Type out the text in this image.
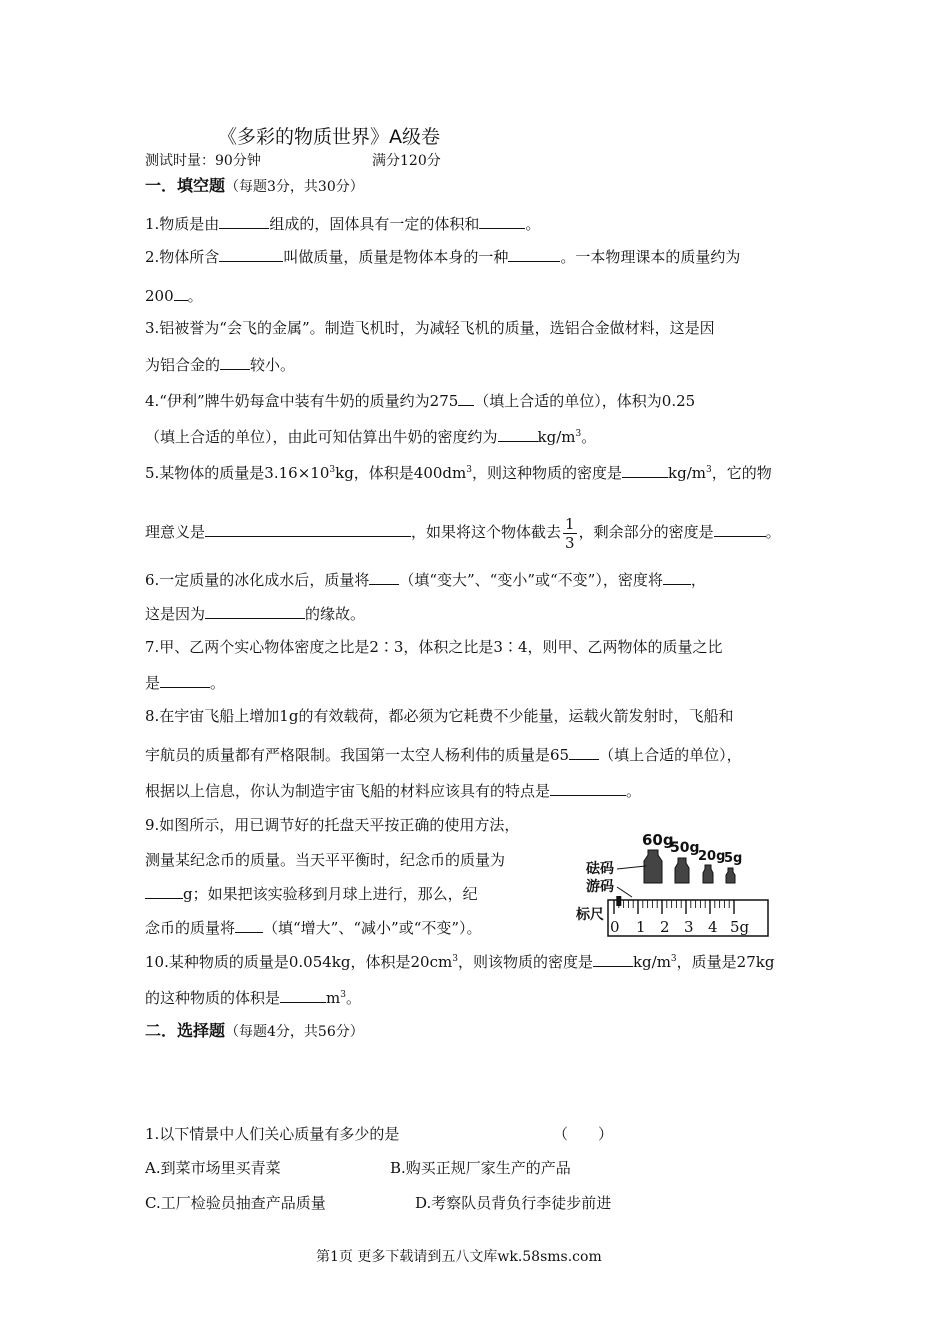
《多彩的物质世界》A级卷
测试时量：90分钟	满分120分
一．填空题（每题3分，共30分）
1.物质是由	组成的，固体具有一定的体积和	。
2.物体所含	叫做质量，质量是物体本身的一种	。一本物理课本的质量约为
200 。
3.铝被誉为“会飞的金属”。制造飞机时，为减轻飞机的质量，选铝合金做材料，这是因
为铝合金的 较小。
4.“伊利”牌牛奶每盒中装有牛奶的质量约为275 （填上合适的单位），体积为0.25
（填上合适的单位），由此可知估算出牛奶的密度约为	$kg/m^3$。
5.某物体的质量是$3.16\times 10^3kg$，体积是$400dm^3$，则这种物质的密度是	$kg/m^3$，它的物
理意义是	，如果将这个物体截去 $\frac{1}{3}$ ，剩余部分的密度是	。
6.一定质量的冰化成水后，质量将 （填“变大”、“变小”或“不变”），密度将 ，
这是因为	的缘故。
7.甲、乙两个实心物体密度之比是2∶3，体积之比是3∶4，则甲、乙两物体的质量之比
是	。
8.在宇宙飞船上增加1g的有效载荷，都必须为它耗费不少能量，运载火箭发射时，飞船和
宇航员的质量都有严格限制。我国第一太空人杨利伟的质量是65 （填上合适的单位），
根据以上信息，你认为制造宇宙飞船的材料应该具有的特点是	。
9.如图所示，用已调节好的托盘天平按正确的使用方法，
测量某纪念币的质量。当天平平衡时，纪念币的质量为
g；如果把该实验移到月球上进行，那么，纪
念币的质量将 （填“增大”、“减小”或“不变”）。
60g
50g
20g
5g
砝码
游码
标尺
0 1 2 3 4 5g
10.某种物质的质量是0.054kg，体积是$20cm^3$，则该物质的密度是	$kg/m^3$，质量是27kg
的这种物质的体积是	$m^3$。
二．选择题（每题4分，共56分）
1.以下情景中人们关心质量有多少的是	（　　）
A.到菜市场里买青菜	B.购买正规厂家生产的产品
C.工厂检验员抽查产品质量	D.考察队员背负行李徒步前进
第1页 更多下载请到五八文库wk.58sms.com
